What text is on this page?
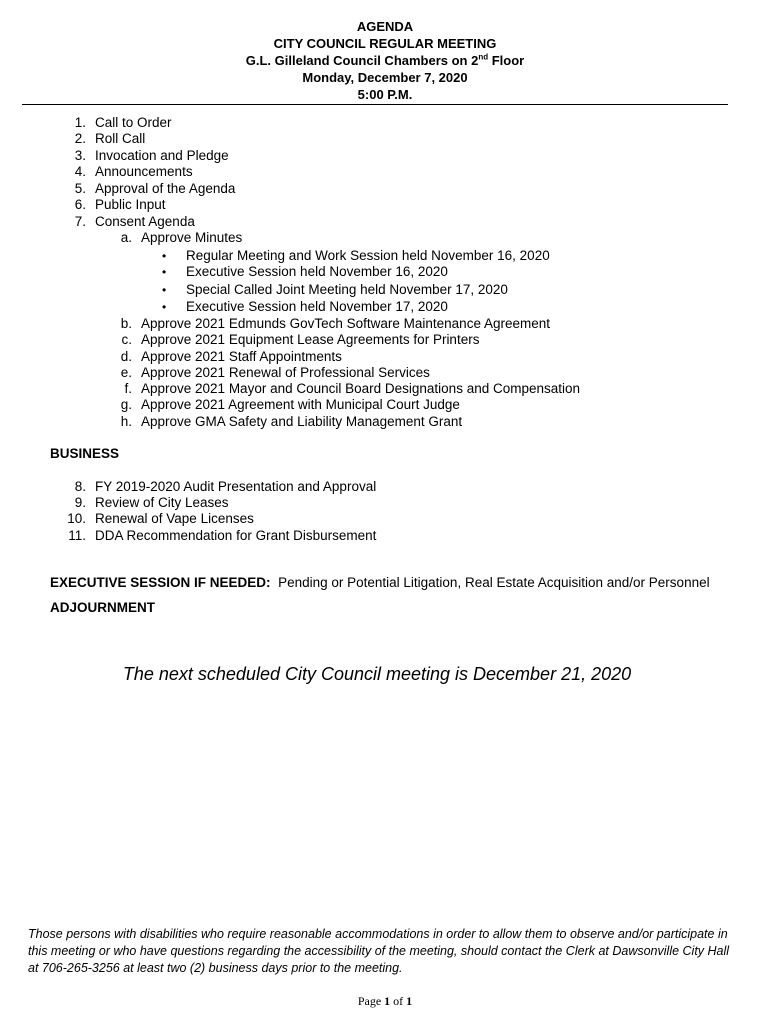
AGENDA
CITY COUNCIL REGULAR MEETING
G.L. Gilleland Council Chambers on 2nd Floor
Monday, December 7, 2020
5:00 P.M.
1. Call to Order
2. Roll Call
3. Invocation and Pledge
4. Announcements
5. Approval of the Agenda
6. Public Input
7. Consent Agenda
a. Approve Minutes
• Regular Meeting and Work Session held November 16, 2020
• Executive Session held November 16, 2020
• Special Called Joint Meeting held November 17, 2020
• Executive Session held November 17, 2020
b. Approve 2021 Edmunds GovTech Software Maintenance Agreement
c. Approve 2021 Equipment Lease Agreements for Printers
d. Approve 2021 Staff Appointments
e. Approve 2021 Renewal of Professional Services
f. Approve 2021 Mayor and Council Board Designations and Compensation
g. Approve 2021 Agreement with Municipal Court Judge
h. Approve GMA Safety and Liability Management Grant
BUSINESS
8. FY 2019-2020 Audit Presentation and Approval
9. Review of City Leases
10. Renewal of Vape Licenses
11. DDA Recommendation for Grant Disbursement
EXECUTIVE SESSION IF NEEDED: Pending or Potential Litigation, Real Estate Acquisition and/or Personnel
ADJOURNMENT
The next scheduled City Council meeting is December 21, 2020
Those persons with disabilities who require reasonable accommodations in order to allow them to observe and/or participate in this meeting or who have questions regarding the accessibility of the meeting, should contact the Clerk at Dawsonville City Hall at 706-265-3256 at least two (2) business days prior to the meeting.
Page 1 of 1
